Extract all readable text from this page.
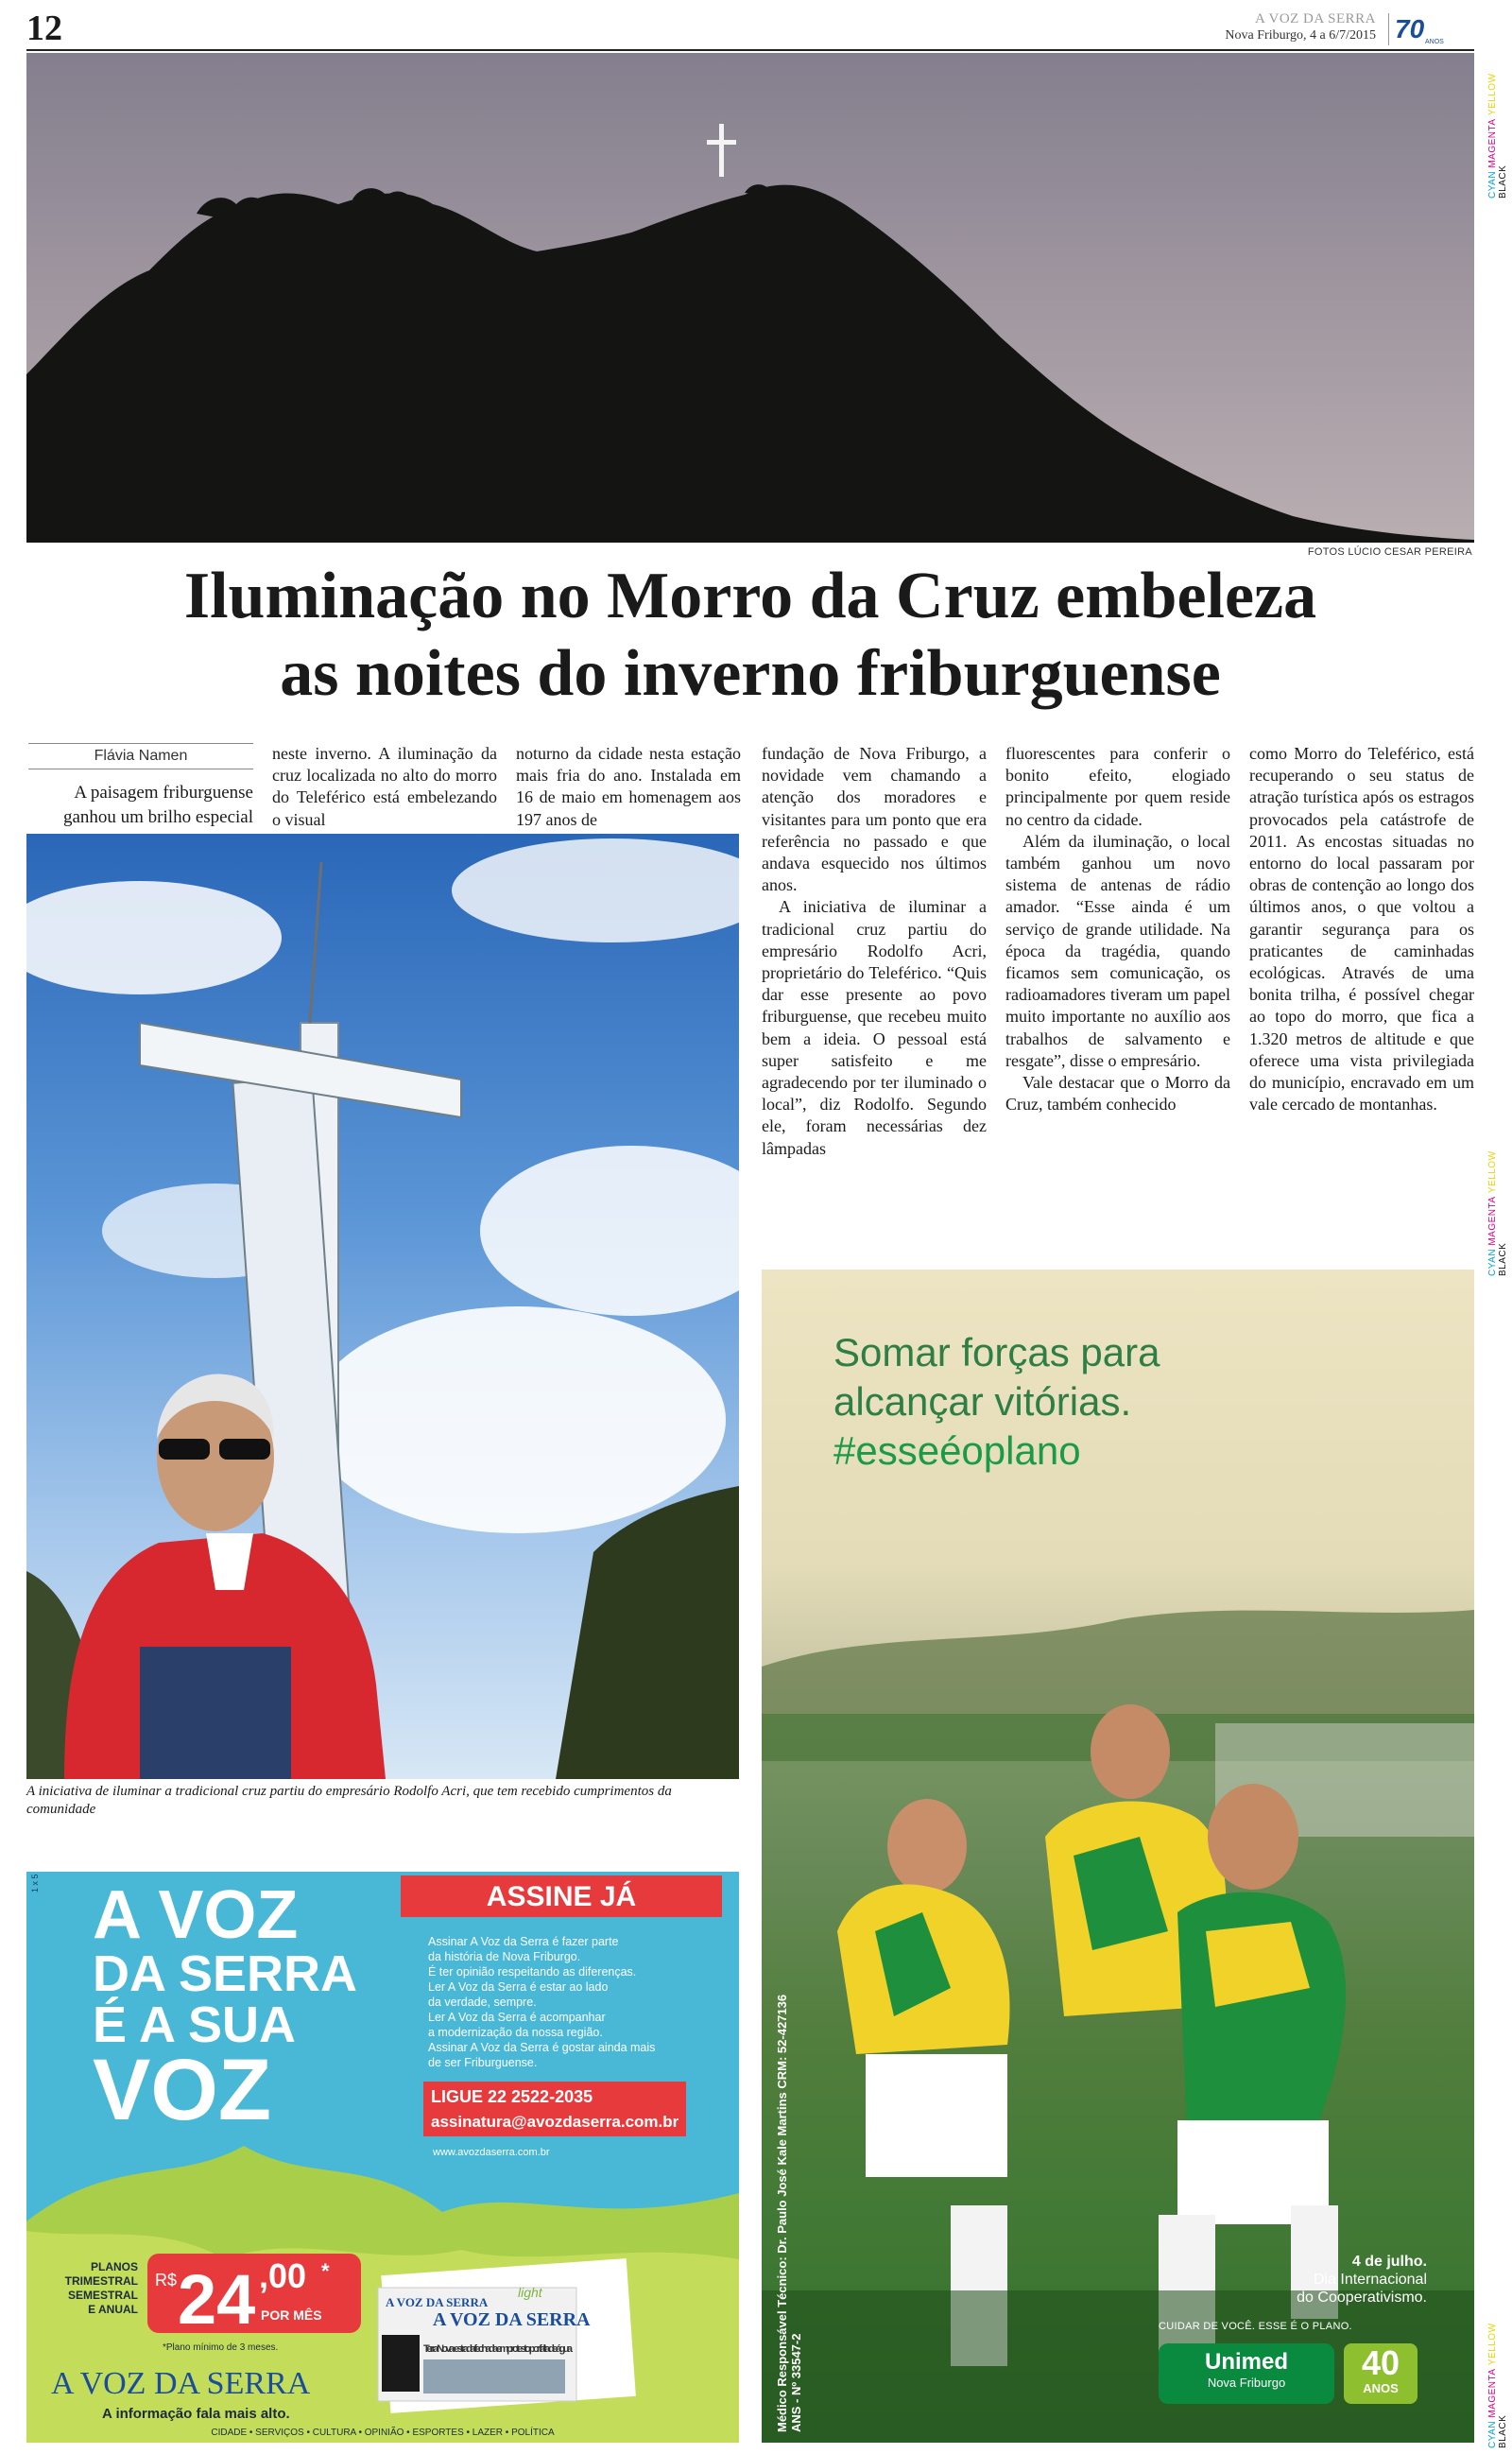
12	A VOZ DA SERRA
Nova Friburgo, 4 a 6/7/2015 70 ANOS
CYAN MAGENTA YELLOW BLACK
CYAN MAGENTA YELLOW BLACK
CYAN MAGENTA YELLOW BLACK
FOTOS LÚCIO CESAR PEREIRA
Iluminação no Morro da Cruz embeleza
as noites do inverno friburguense
Flávia Namen
A paisagem friburguense ganhou um brilho especial

neste inverno. A iluminação da cruz localizada no alto do morro do Teleférico está embelezando o visual

noturno da cidade nesta estação mais fria do ano. Instalada em 16 de maio em homenagem aos 197 anos de

fundação de Nova Friburgo, a novidade vem chamando a atenção dos moradores e visitantes para um ponto que era referência no passado e que andava esquecido nos últimos anos.

A iniciativa de iluminar a tradicional cruz partiu do empresário Rodolfo Acri, proprietário do Teleférico. “Quis dar esse presente ao povo friburguense, que recebeu muito bem a ideia. O pessoal está super satisfeito e me agradecendo por ter iluminado o local”, diz Rodolfo. Segundo ele, foram necessárias dez lâmpadas

fluorescentes para conferir o bonito efeito, elogiado principalmente por quem reside no centro da cidade.

Além da iluminação, o local também ganhou um novo sistema de antenas de rádio amador. “Esse ainda é um serviço de grande utilidade. Na época da tragédia, quando ficamos sem comunicação, os radioamadores tiveram um papel muito importante no auxílio aos trabalhos de salvamento e resgate”, disse o empresário.

Vale destacar que o Morro da Cruz, também conhecido

como Morro do Teleférico, está recuperando o seu status de atração turística após os estragos provocados pela catástrofe de 2011. As encostas situadas no entorno do local passaram por obras de contenção ao longo dos últimos anos, o que voltou a garantir segurança para os praticantes de caminhadas ecológicas. Através de uma bonita trilha, é possível chegar ao topo do morro, que fica a 1.320 metros de altitude e que oferece uma vista privilegiada do município, encravado em um vale cercado de montanhas.

A iniciativa de iluminar a tradicional cruz partiu do empresário Rodolfo Acri, que tem recebido cumprimentos da comunidade
1 x 5 A VOZ
DA SERRA
É A SUA
VOZ
ASSINE JÁ
Assinar A Voz da Serra é fazer parte
da história de Nova Friburgo.
É ter opinião respeitando as diferenças.
Ler A Voz da Serra é estar ao lado
da verdade, sempre.
Ler A Voz da Serra é acompanhar
a modernização da nossa região.
Assinar A Voz da Serra é gostar ainda mais
de ser Friburguense.
LIGUE 22 2522-2035
assinatura@avozdaserra.com.br
www.avozdaserra.com.br
PLANOS
TRIMESTRAL
SEMESTRAL
E ANUAL
R$ 24 ,00 *
POR MÊS
*Plano mínimo de 3 meses.
A VOZ DA SERRA
A informação fala mais alto.
A VOZ DA SERRA
light
A VOZ DA SERRA
Terra Nova: estrada fechada em protesto por falta de água
CIDADE • SERVIÇOS • CULTURA • OPINIÃO • ESPORTES • LAZER • POLÍTICA
Somar forças para
alcançar vitórias.
#esseéoplano
Médico Responsável Técnico: Dr. Paulo José Kale Martins CRM: 52-427136 ANS - Nº 33547-2
4 de julho.
Dia Internacional
do Cooperativismo.
CUIDAR DE VOCÊ. ESSE É O PLANO.
Unimed
Nova Friburgo
40
ANOS
